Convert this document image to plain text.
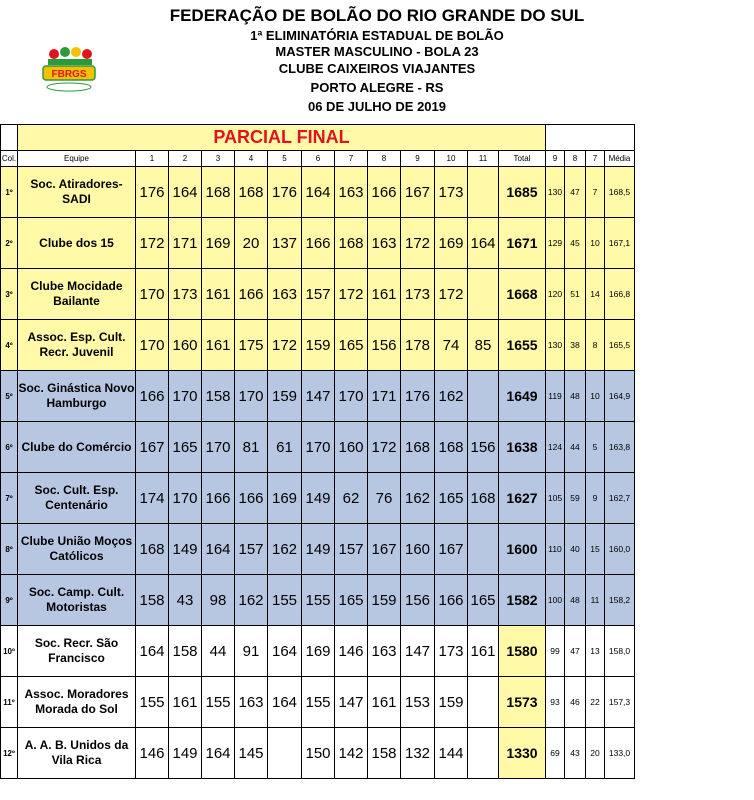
FBRGS
FEDERAÇÃO DE BOLÃO DO RIO GRANDE DO SUL
1ª ELIMINATÓRIA ESTADUAL DE BOLÃO
MASTER MASCULINO - BOLA 23
CLUBE CAIXEIROS VIAJANTES
PORTO ALEGRE - RS
06 DE JULHO DE 2019
	PARCIAL FINAL																
Col.	Equipe	1	2	3	4	5	6	7	8	9	10	11	Total	9	8	7	Média
1º	Soc. Atiradores-SADI	176	164	168	168	176	164	163	166	167	173		1685	130	47	7	168,5
2º	Clube dos 15	172	171	169	20	137	166	168	163	172	169	164	1671	129	45	10	167,1
3º	Clube Mocidade Bailante	170	173	161	166	163	157	172	161	173	172		1668	120	51	14	166,8
4º	Assoc. Esp. Cult. Recr. Juvenil	170	160	161	175	172	159	165	156	178	74	85	1655	130	38	8	165,5
5º	Soc. Ginástica Novo Hamburgo	166	170	158	170	159	147	170	171	176	162		1649	119	48	10	164,9
6º	Clube do Comércio	167	165	170	81	61	170	160	172	168	168	156	1638	124	44	5	163,8
7º	Soc. Cult. Esp. Centenário	174	170	166	166	169	149	62	76	162	165	168	1627	105	59	9	162,7
8º	Clube União Moços Católicos	168	149	164	157	162	149	157	167	160	167		1600	110	40	15	160,0
9º	Soc. Camp. Cult. Motoristas	158	43	98	162	155	155	165	159	156	166	165	1582	100	48	11	158,2
10º	Soc. Recr. São Francisco	164	158	44	91	164	169	146	163	147	173	161	1580	99	47	13	158,0
11º	Assoc. Moradores Morada do Sol	155	161	155	163	164	155	147	161	153	159		1573	93	46	22	157,3
12º	A. A. B. Unidos da Vila Rica	146	149	164	145		150	142	158	132	144		1330	69	43	20	133,0
